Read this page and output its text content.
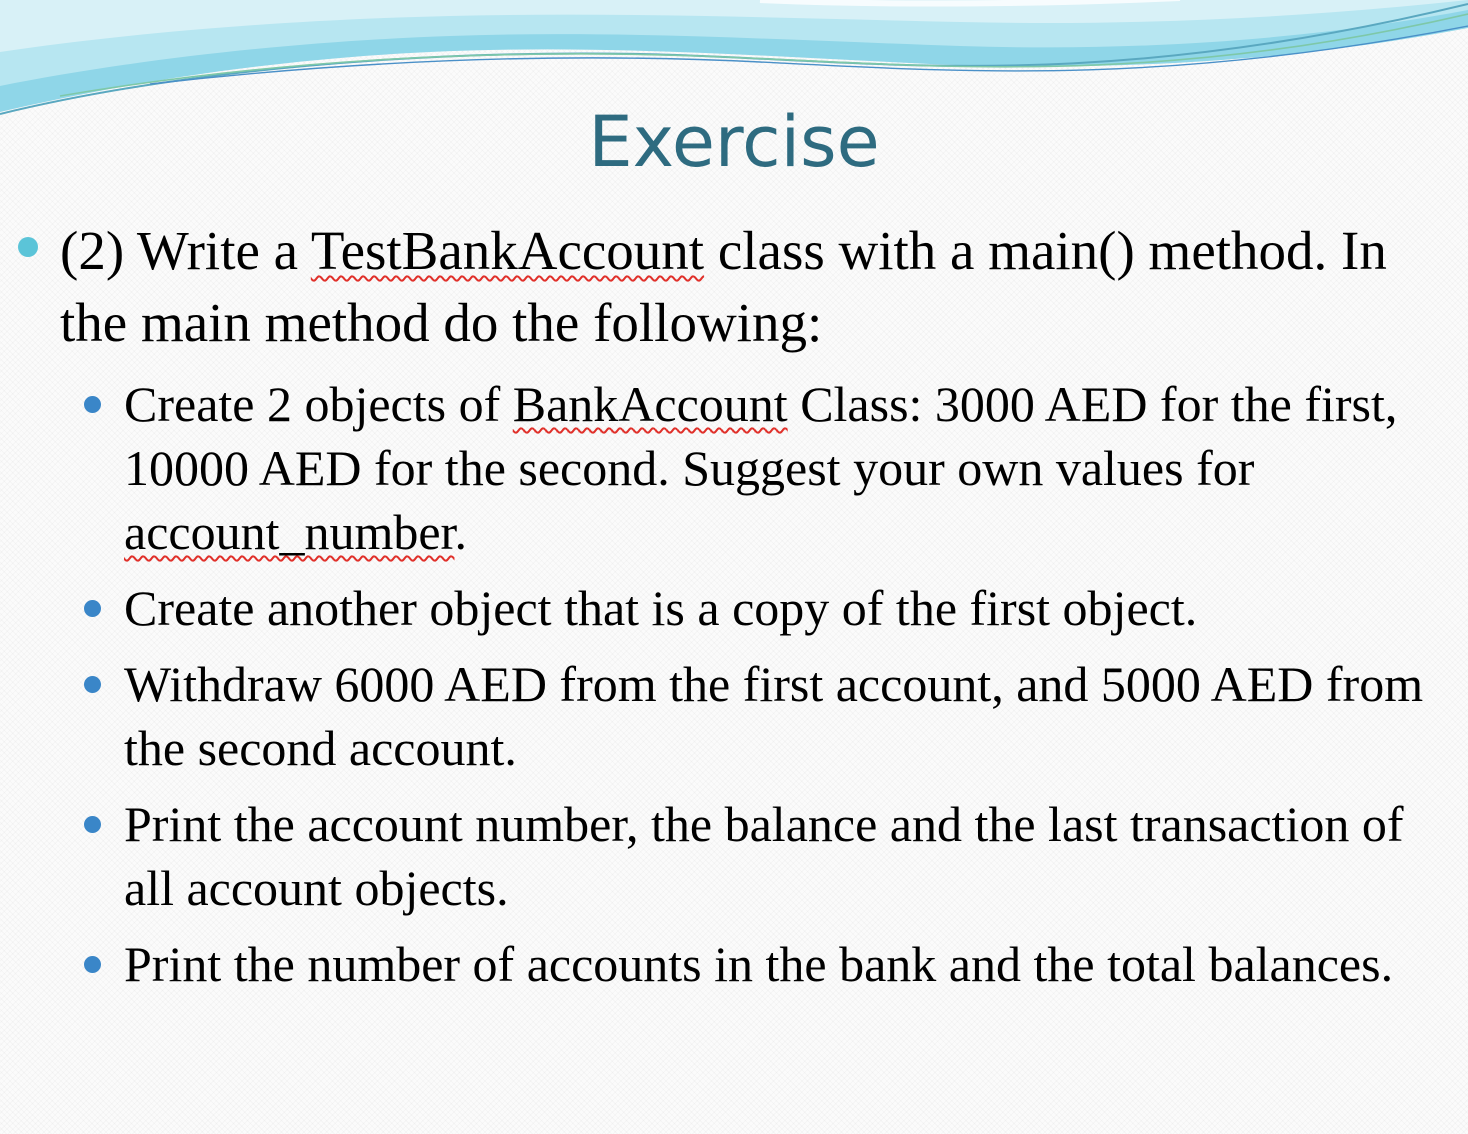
Exercise
(2) Write a TestBankAccount class with a main() method. In the main method do the following:
Create 2 objects of BankAccount Class: 3000 AED for the first, 10000 AED for the second. Suggest your own values for account_number.
Create another object that is a copy of the first object.
Withdraw 6000 AED from the first account, and 5000 AED from the second account.
Print the account number, the balance and the last transaction of all account objects.
Print the number of accounts in the bank and the total balances.
